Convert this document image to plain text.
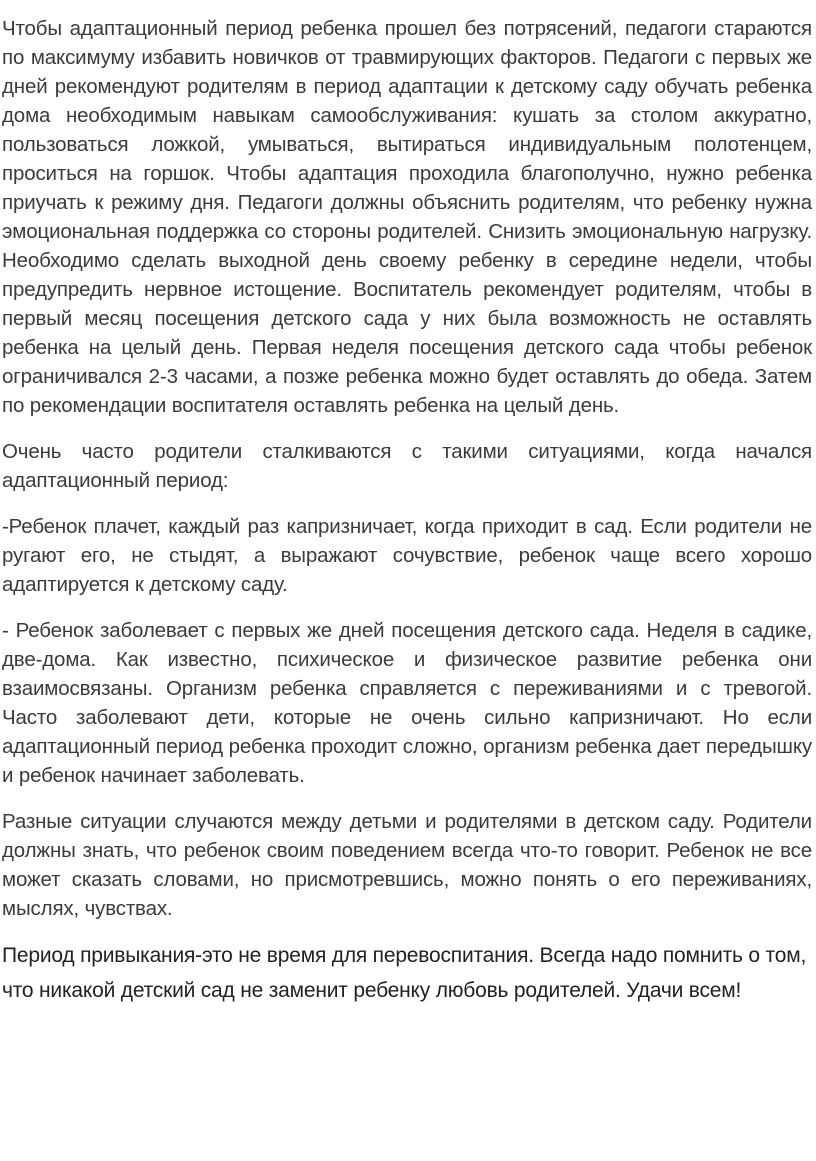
Чтобы адаптационный период ребенка прошел без потрясений, педагоги стараются по максимуму избавить новичков от травмирующих факторов. Педагоги с первых же дней рекомендуют родителям в период адаптации к детскому саду обучать ребенка дома необходимым навыкам самообслуживания: кушать за столом аккуратно, пользоваться ложкой, умываться, вытираться индивидуальным полотенцем, проситься на горшок. Чтобы адаптация проходила благополучно, нужно ребенка приучать к режиму дня. Педагоги должны объяснить родителям, что ребенку нужна эмоциональная поддержка со стороны родителей. Снизить эмоциональную нагрузку. Необходимо сделать выходной день своему ребенку в середине недели, чтобы предупредить нервное истощение. Воспитатель рекомендует родителям, чтобы в первый месяц посещения детского сада у них была возможность не оставлять ребенка на целый день. Первая неделя посещения детского сада чтобы ребенок ограничивался 2-3 часами, а позже ребенка можно будет оставлять до обеда. Затем по рекомендации воспитателя оставлять ребенка на целый день.

Очень часто родители сталкиваются с такими ситуациями, когда начался адаптационный период:

-Ребенок плачет, каждый раз капризничает, когда приходит в сад. Если родители не ругают его, не стыдят, а выражают сочувствие, ребенок чаще всего хорошо адаптируется к детскому саду.

- Ребенок заболевает с первых же дней посещения детского сада. Неделя в садике, две-дома. Как известно, психическое и физическое развитие ребенка они взаимосвязаны. Организм ребенка справляется с переживаниями и с тревогой. Часто заболевают дети, которые не очень сильно капризничают. Но если адаптационный период ребенка проходит сложно, организм ребенка дает передышку и ребенок начинает заболевать.

Разные ситуации случаются между детьми и родителями в детском саду. Родители должны знать, что ребенок своим поведением всегда что-то говорит. Ребенок не все может сказать словами, но присмотревшись, можно понять о его переживаниях, мыслях, чувствах.

Период привыкания-это не время для перевоспитания. Всегда надо помнить о том, что никакой детский сад не заменит ребенку любовь родителей. Удачи всем!
